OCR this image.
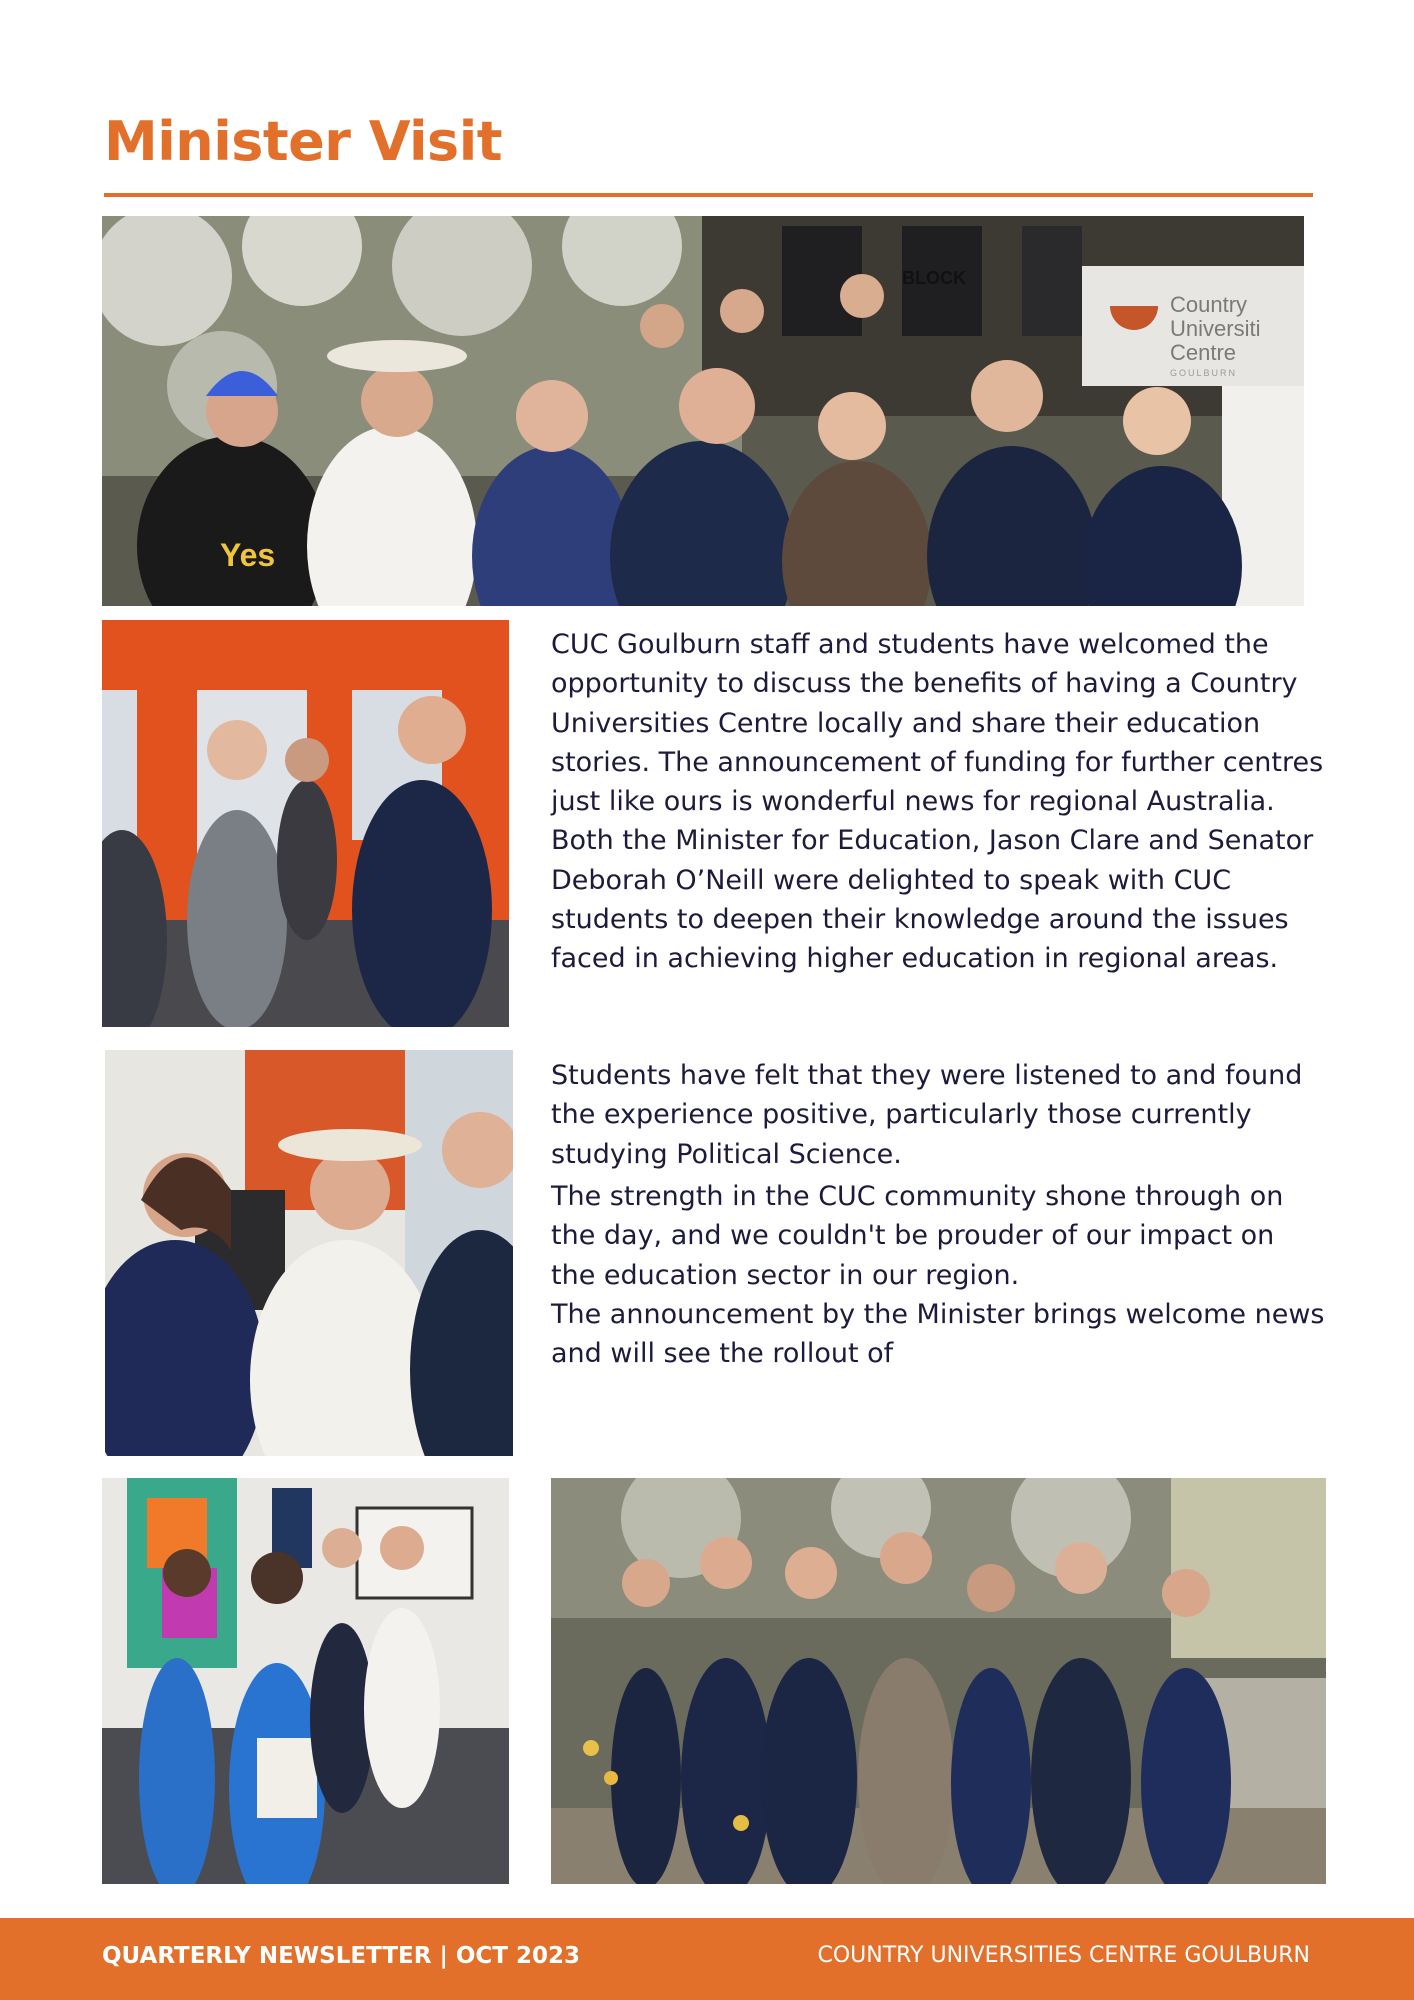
Minister Visit
BLOCK
Country
Universiti
Centre
GOULBURN
Yes

CUC Goulburn staff and students have welcomed the opportunity to discuss the benefits of having a Country Universities Centre locally and share their education stories. The announcement of funding for further centres just like ours is wonderful news for regional Australia. Both the Minister for Education, Jason Clare and Senator Deborah O’Neill were delighted to speak with CUC students to deepen their knowledge around the issues faced in achieving higher education in regional areas.

Students have felt that they were listened to and found the experience positive, particularly those currently studying Political Science.

The strength in the CUC community shone through on the day, and we couldn't be prouder of our impact on the education sector in our region.

The announcement by the Minister brings welcome news and will see the rollout of

QUARTERLY NEWSLETTER | OCT 2023	COUNTRY UNIVERSITIES CENTRE GOULBURN
